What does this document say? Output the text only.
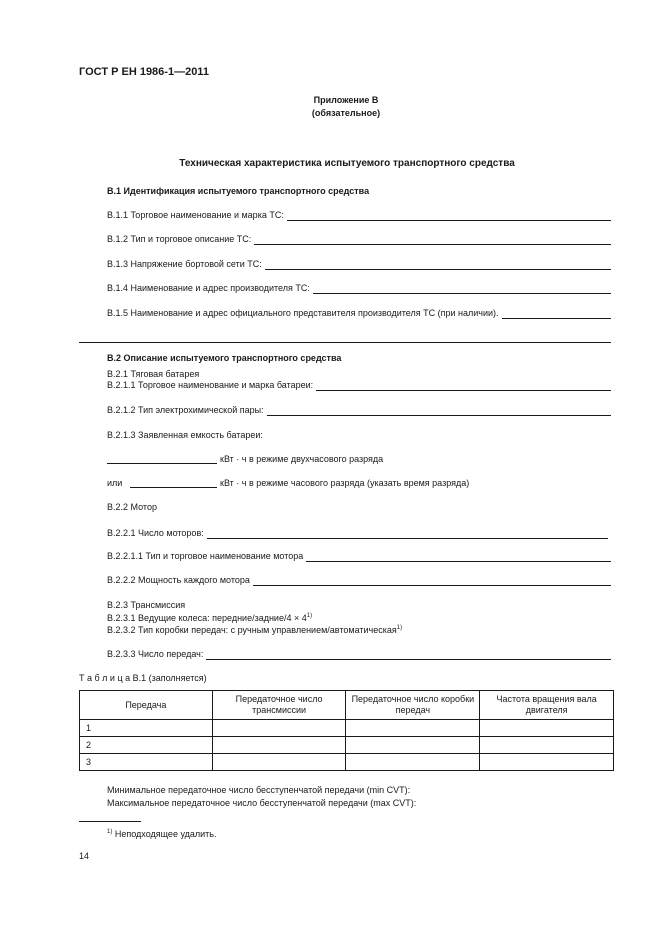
ГОСТ Р ЕН 1986-1—2011
Приложение В
(обязательное)
Техническая характеристика испытуемого транспортного средства
В.1 Идентификация испытуемого транспортного средства
В.1.1 Торговое наименование и марка ТС:
В.1.2 Тип и торговое описание ТС:
В.1.3 Напряжение бортовой сети ТС:
В.1.4 Наименование и адрес производителя ТС:
В.1.5 Наименование и адрес официального представителя производителя ТС (при наличии).
В.2 Описание испытуемого транспортного средства
В.2.1 Тяговая батарея
В.2.1.1 Торговое наименование и марка батареи:
В.2.1.2 Тип электрохимической пары:
В.2.1.3 Заявленная емкость батареи:
кВт · ч в режиме двухчасового разряда
или	кВт · ч в режиме часового разряда (указать время разряда)
В.2.2 Мотор
В.2.2.1 Число моторов:
В.2.2.1.1 Тип и торговое наименование мотора
В.2.2.2 Мощность каждого мотора
В.2.3 Трансмиссия
В.2.3.1 Ведущие колеса: передние/задние/4 × $4^{1)}$
В.2.3.2 Тип коробки передач: с ручным управлением/автоматическая$^{1)}$
В.2.3.3 Число передач:
Т а б л и ц а В.1 (заполняется)
Передача	Передаточное число трансмиссии	Передаточное число коробки передач	Частота вращения вала двигателя
1			
2			
3			
Минимальное передаточное число бесступенчатой передачи (min CVT):
Максимальное передаточное число бесступенчатой передачи (max CVT):
$^{1)}$ Неподходящее удалить.
14
